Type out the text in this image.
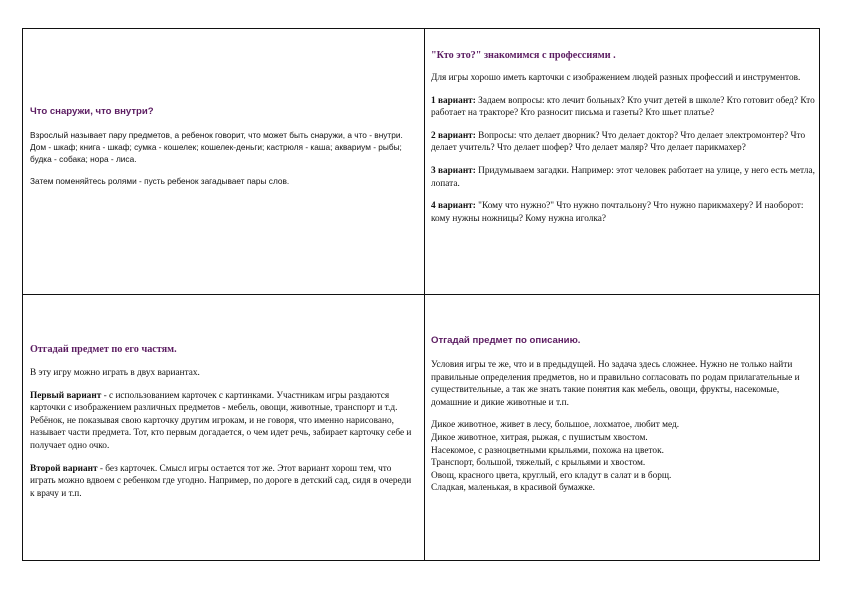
Что снаружи, что внутри?

Взрослый называет пару предметов, а ребенок говорит, что может быть снаружи, а что - внутри. Дом - шкаф; книга - шкаф; сумка - кошелек; кошелек-деньги; кастрюля - каша; аквариум - рыбы; будка - собака; нора - лиса.

Затем поменяйтесь ролями - пусть ребенок загадывает пары слов.

"Кто это?" знакомимся с профессиями .

Для игры хорошо иметь карточки с изображением людей разных профессий и инструментов.

1 вариант: Задаем вопросы: кто лечит больных? Кто учит детей в школе? Кто готовит обед? Кто работает на тракторе? Кто разносит письма и газеты? Кто шьет платье?

2 вариант: Вопросы: что делает дворник? Что делает доктор? Что делает электромонтер? Что делает учитель? Что делает шофер? Что делает маляр? Что делает парикмахер?

3 вариант: Придумываем загадки. Например: этот человек работает на улице, у него есть метла, лопата.

4 вариант: "Кому что нужно?" Что нужно почтальону? Что нужно парикмахеру? И наоборот: кому нужны ножницы? Кому нужна иголка?

Отгадай предмет по его частям.

В эту игру можно играть в двух вариантах.

Первый вариант - с использованием карточек с картинками. Участникам игры раздаются карточки с изображением различных предметов - мебель, овощи, животные, транспорт и т.д. Ребёнок, не показывая свою карточку другим игрокам, и не говоря, что именно нарисовано, называет части предмета. Тот, кто первым догадается, о чем идет речь, забирает карточку себе и получает одно очко.

Второй вариант - без карточек. Смысл игры остается тот же. Этот вариант хорош тем, что играть можно вдвоем с ребенком где угодно. Например, по дороге в детский сад, сидя в очереди к врачу и т.п.

Отгадай предмет по описанию.

Условия игры те же, что и в предыдущей. Но задача здесь сложнее. Нужно не только найти правильные определения предметов, но и правильно согласовать по родам прилагательные и существительные, а так же знать такие понятия как мебель, овощи, фрукты, насекомые, домашние и дикие животные и т.п.

Дикое животное, живет в лесу, большое, лохматое, любит мед.

Дикое животное, хитрая, рыжая, с пушистым хвостом.

Насекомое, с разноцветными крыльями, похожа на цветок.

Транспорт, большой, тяжелый, с крыльями и хвостом.

Овощ, красного цвета, круглый, его кладут в салат и в борщ.

Сладкая, маленькая, в красивой бумажке.
